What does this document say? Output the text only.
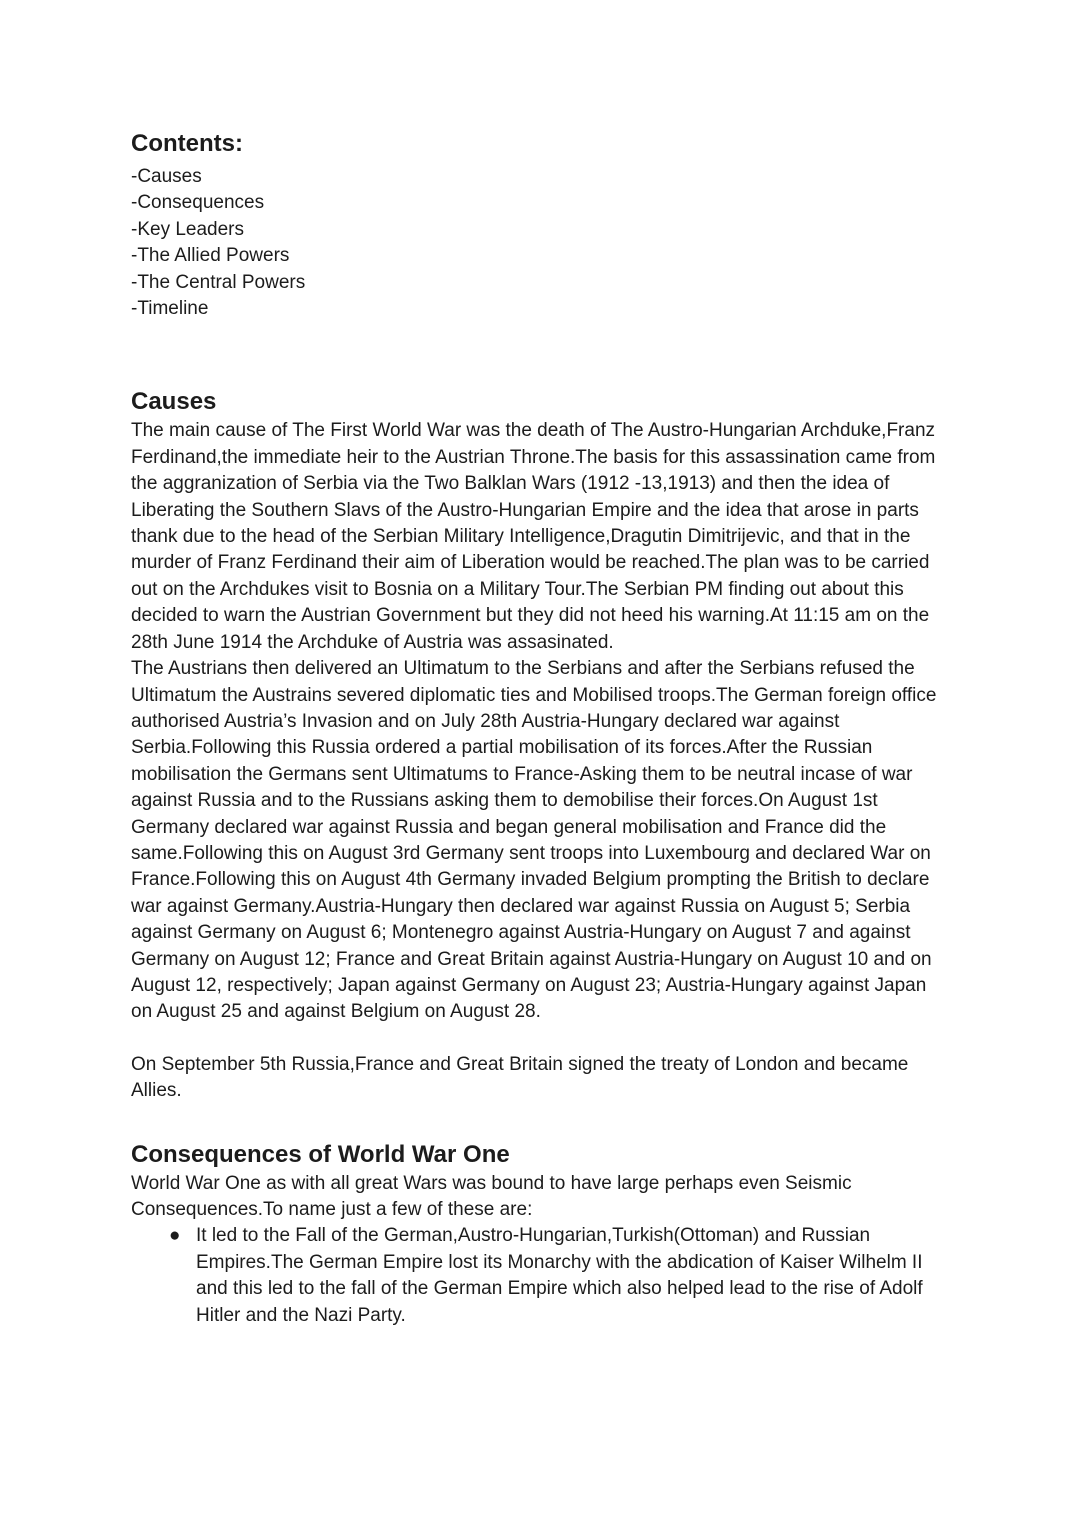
Contents:
-Causes
-Consequences
-Key Leaders
-The Allied Powers
-The Central Powers
-Timeline
Causes

The main cause of The First World War was the death of The Austro-Hungarian Archduke,Franz Ferdinand,the immediate heir to the Austrian Throne.The basis for this assassination came from the aggranization of Serbia via the Two Balklan Wars (1912 -13,1913) and then the idea of Liberating the Southern Slavs of the Austro-Hungarian Empire and the idea that arose in parts thank due to the head of the Serbian Military Intelligence,Dragutin Dimitrijevic, and that in the murder of Franz Ferdinand their aim of Liberation would be reached.The plan was to be carried out on the Archdukes visit to Bosnia on a Military Tour.The Serbian PM finding out about this decided to warn the Austrian Government but they did not heed his warning.At 11:15 am on the 28th June 1914 the Archduke of Austria was assasinated.

The Austrians then delivered an Ultimatum to the Serbians and after the Serbians refused the Ultimatum the Austrains severed diplomatic ties and Mobilised troops.The German foreign office authorised Austria’s Invasion and on July 28th Austria-Hungary declared war against Serbia.Following this Russia ordered a partial mobilisation of its forces.After the Russian mobilisation the Germans sent Ultimatums to France-Asking them to be neutral incase of war against Russia and to the Russians asking them to demobilise their forces.On August 1st Germany declared war against Russia and began general mobilisation and France did the same.Following this on August 3rd Germany sent troops into Luxembourg and declared War on France.Following this on August 4th Germany invaded Belgium prompting the British to declare war against Germany.Austria-Hungary then declared war against Russia on August 5; Serbia against Germany on August 6; Montenegro against Austria-Hungary on August 7 and against Germany on August 12; France and Great Britain against Austria-Hungary on August 10 and on August 12, respectively; Japan against Germany on August 23; Austria-Hungary against Japan on August 25 and against Belgium on August 28.

On September 5th Russia,France and Great Britain signed the treaty of London and became Allies.

Consequences of World War One

World War One as with all great Wars was bound to have large perhaps even Seismic Consequences.To name just a few of these are:

● It led to the Fall of the German,Austro-Hungarian,Turkish(Ottoman) and Russian Empires.The German Empire lost its Monarchy with the abdication of Kaiser Wilhelm II and this led to the fall of the German Empire which also helped lead to the rise of Adolf Hitler and the Nazi Party.
